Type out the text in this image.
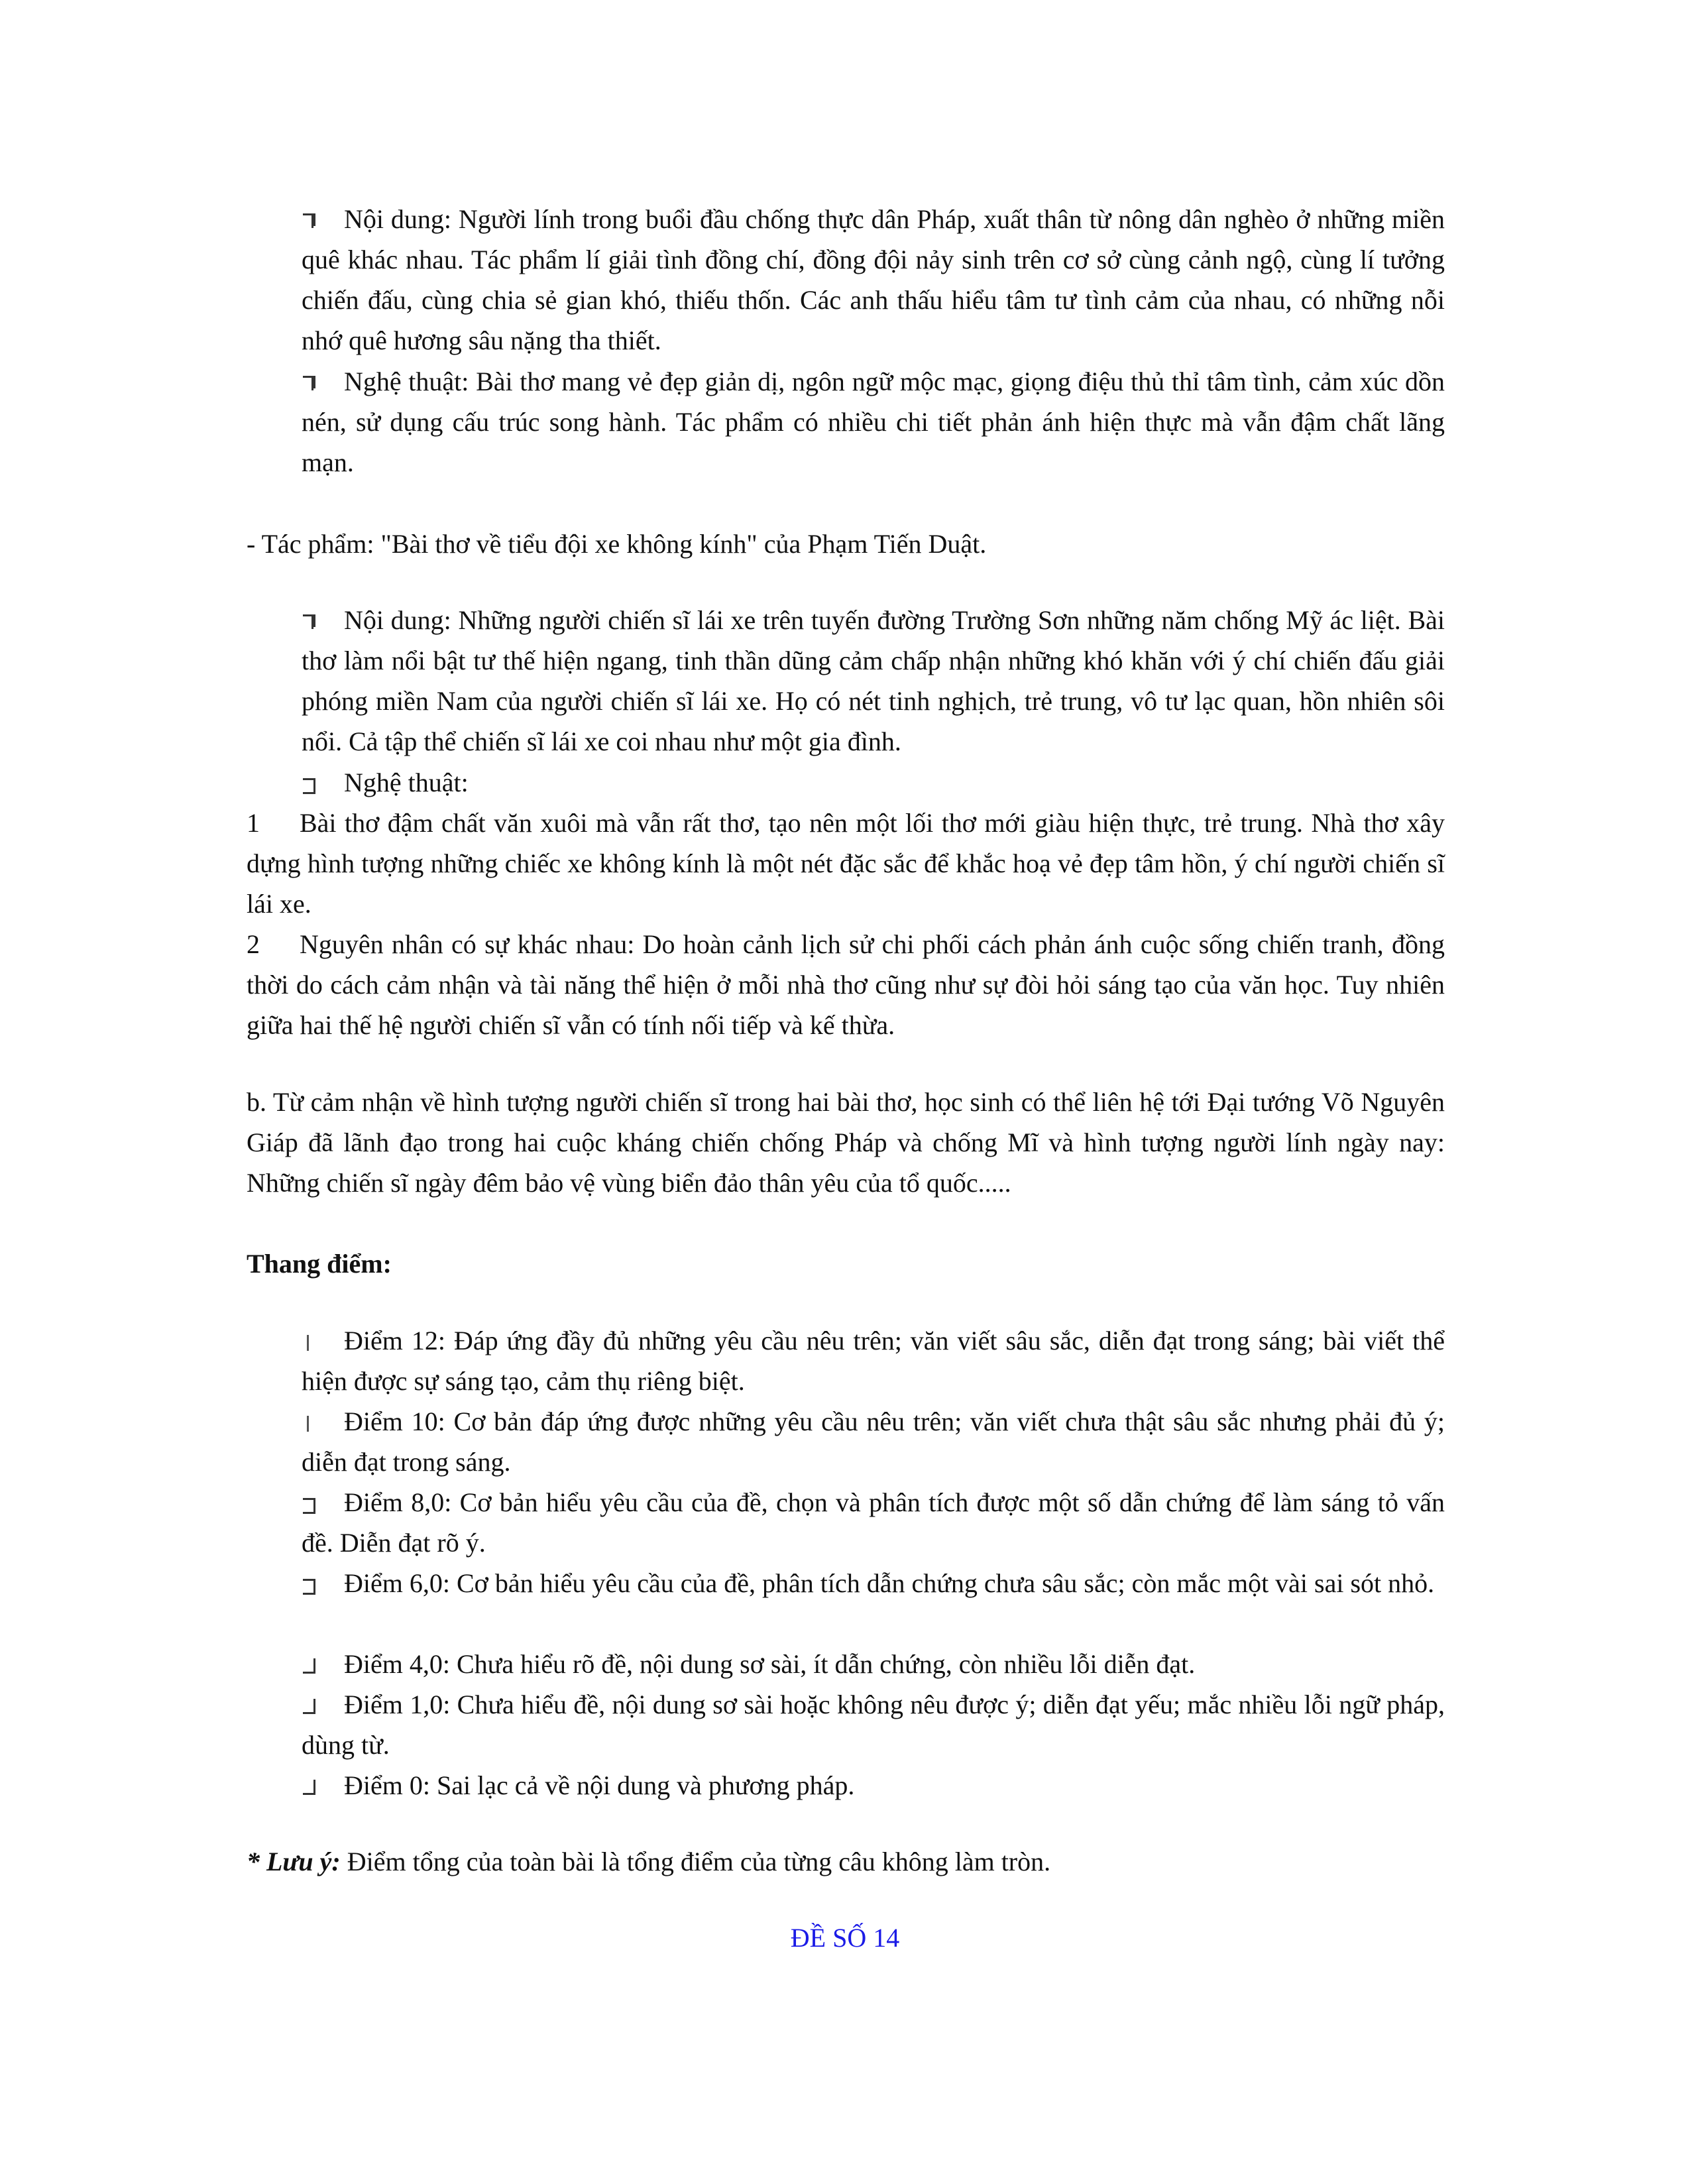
Nội dung: Người lính trong buổi đầu chống thực dân Pháp, xuất thân từ nông dân nghèo ở những miền quê khác nhau. Tác phẩm lí giải tình đồng chí, đồng đội nảy sinh trên cơ sở cùng cảnh ngộ, cùng lí tưởng chiến đấu, cùng chia sẻ gian khó, thiếu thốn. Các anh thấu hiểu tâm tư tình cảm của nhau, có những nỗi nhớ quê hương sâu nặng tha thiết.
Nghệ thuật: Bài thơ mang vẻ đẹp giản dị, ngôn ngữ mộc mạc, giọng điệu thủ thỉ tâm tình, cảm xúc dồn nén, sử dụng cấu trúc song hành. Tác phẩm có nhiều chi tiết phản ánh hiện thực mà vẫn đậm chất lãng mạn.
- Tác phẩm: "Bài thơ về tiểu đội xe không kính" của Phạm Tiến Duật.
Nội dung: Những người chiến sĩ lái xe trên tuyến đường Trường Sơn những năm chống Mỹ ác liệt. Bài thơ làm nổi bật tư thế hiện ngang, tinh thần dũng cảm chấp nhận những khó khăn với ý chí chiến đấu giải phóng miền Nam của người chiến sĩ lái xe. Họ có nét tinh nghịch, trẻ trung, vô tư lạc quan, hồn nhiên sôi nổi. Cả tập thể chiến sĩ lái xe coi nhau như một gia đình.
Nghệ thuật:
1 Bài thơ đậm chất văn xuôi mà vẫn rất thơ, tạo nên một lối thơ mới giàu hiện thực, trẻ trung. Nhà thơ xây dựng hình tượng những chiếc xe không kính là một nét đặc sắc để khắc hoạ vẻ đẹp tâm hồn, ý chí người chiến sĩ lái xe.
2 Nguyên nhân có sự khác nhau: Do hoàn cảnh lịch sử chi phối cách phản ánh cuộc sống chiến tranh, đồng thời do cách cảm nhận và tài năng thể hiện ở mỗi nhà thơ cũng như sự đòi hỏi sáng tạo của văn học. Tuy nhiên giữa hai thế hệ người chiến sĩ vẫn có tính nối tiếp và kế thừa.
b. Từ cảm nhận về hình tượng người chiến sĩ trong hai bài thơ, học sinh có thể liên hệ tới Đại tướng Võ Nguyên Giáp đã lãnh đạo trong hai cuộc kháng chiến chống Pháp và chống Mĩ và hình tượng người lính ngày nay: Những chiến sĩ ngày đêm bảo vệ vùng biển đảo thân yêu của tổ quốc.....
Thang điểm:
Điểm 12: Đáp ứng đầy đủ những yêu cầu nêu trên; văn viết sâu sắc, diễn đạt trong sáng; bài viết thể hiện được sự sáng tạo, cảm thụ riêng biệt.
Điểm 10: Cơ bản đáp ứng được những yêu cầu nêu trên; văn viết chưa thật sâu sắc nhưng phải đủ ý; diễn đạt trong sáng.
Điểm 8,0: Cơ bản hiểu yêu cầu của đề, chọn và phân tích được một số dẫn chứng để làm sáng tỏ vấn đề. Diễn đạt rõ ý.
Điểm 6,0: Cơ bản hiểu yêu cầu của đề, phân tích dẫn chứng chưa sâu sắc; còn mắc một vài sai sót nhỏ.
Điểm 4,0: Chưa hiểu rõ đề, nội dung sơ sài, ít dẫn chứng, còn nhiều lỗi diễn đạt.
Điểm 1,0: Chưa hiểu đề, nội dung sơ sài hoặc không nêu được ý; diễn đạt yếu; mắc nhiều lỗi ngữ pháp, dùng từ.
Điểm 0: Sai lạc cả về nội dung và phương pháp.
* Lưu ý: Điểm tổng của toàn bài là tổng điểm của từng câu không làm tròn.
ĐỀ SỐ 14
